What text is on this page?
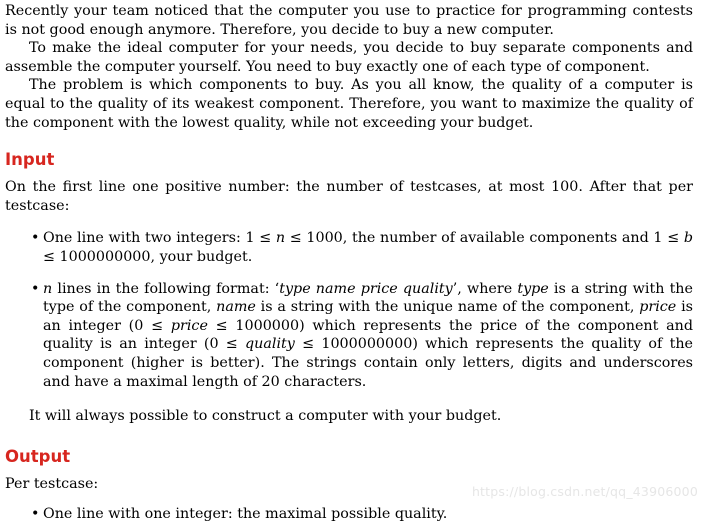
Recently your team noticed that the computer you use to practice for programming contests is not good enough anymore. Therefore, you decide to buy a new computer.

To make the ideal computer for your needs, you decide to buy separate components and assemble the computer yourself. You need to buy exactly one of each type of component.

The problem is which components to buy. As you all know, the quality of a computer is equal to the quality of its weakest component. Therefore, you want to maximize the quality of the component with the lowest quality, while not exceeding your budget.

Input

On the first line one positive number: the number of testcases, at most 100. After that per testcase:

• One line with two integers: 1 ≤ n ≤ 1000, the number of available components and 1 ≤ b ≤ 1000000000, your budget.
• n lines in the following format: ‘type name price quality’, where type is a string with the type of the component, name is a string with the unique name of the component, price is an integer (0 ≤ price ≤ 1000000) which represents the price of the component and quality is an integer (0 ≤ quality ≤ 1000000000) which represents the quality of the component (higher is better). The strings contain only letters, digits and underscores and have a maximal length of 20 characters.

It will always possible to construct a computer with your budget.

Output

Per testcase:

• One line with one integer: the maximal possible quality.
https://blog.csdn.net/qq_43906000
